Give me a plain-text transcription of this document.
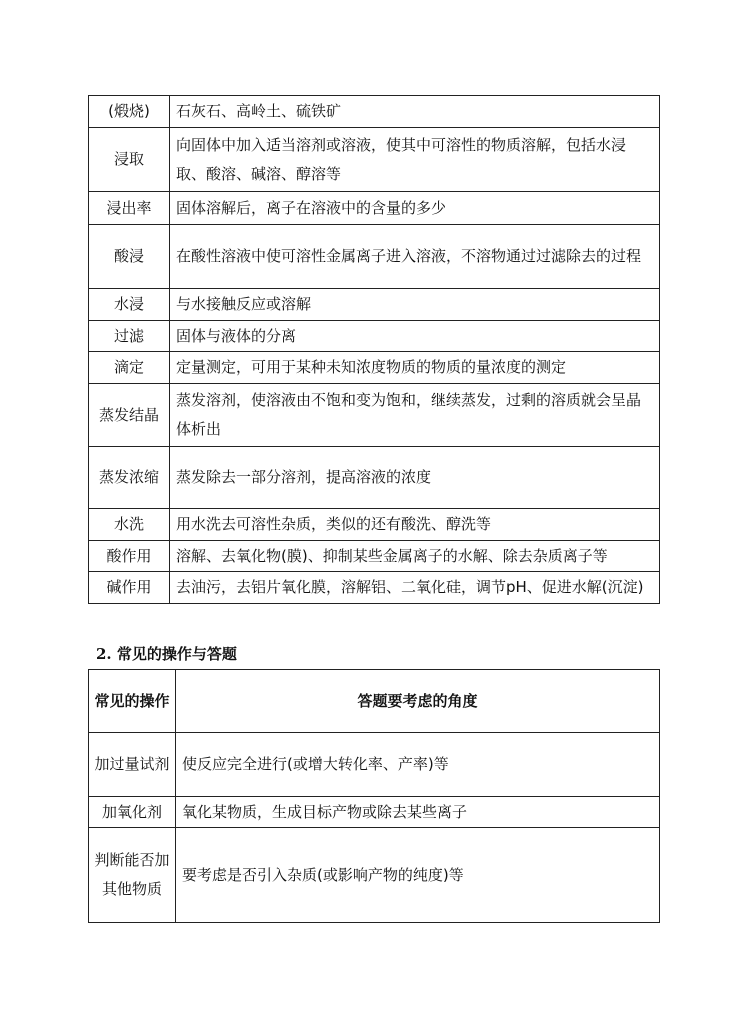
(煅烧)	石灰石、高岭土、硫铁矿
浸取	向固体中加入适当溶剂或溶液，使其中可溶性的物质溶解，包括水浸取、酸溶、碱溶、醇溶等
浸出率	固体溶解后，离子在溶液中的含量的多少
酸浸	在酸性溶液中使可溶性金属离子进入溶液，不溶物通过过滤除去的过程
水浸	与水接触反应或溶解
过滤	固体与液体的分离
滴定	定量测定，可用于某种未知浓度物质的物质的量浓度的测定
蒸发结晶	蒸发溶剂，使溶液由不饱和变为饱和，继续蒸发，过剩的溶质就会呈晶体析出
蒸发浓缩	蒸发除去一部分溶剂，提高溶液的浓度
水洗	用水洗去可溶性杂质，类似的还有酸洗、醇洗等
酸作用	溶解、去氧化物(膜)、抑制某些金属离子的水解、除去杂质离子等
碱作用	去油污，去铝片氧化膜，溶解铝、二氧化硅，调节pH、促进水解(沉淀)
2. 常见的操作与答题
常见的操作	答题要考虑的角度
加过量试剂	使反应完全进行(或增大转化率、产率)等
加氧化剂	氧化某物质，生成目标产物或除去某些离子
判断能否加其他物质	要考虑是否引入杂质(或影响产物的纯度)等
